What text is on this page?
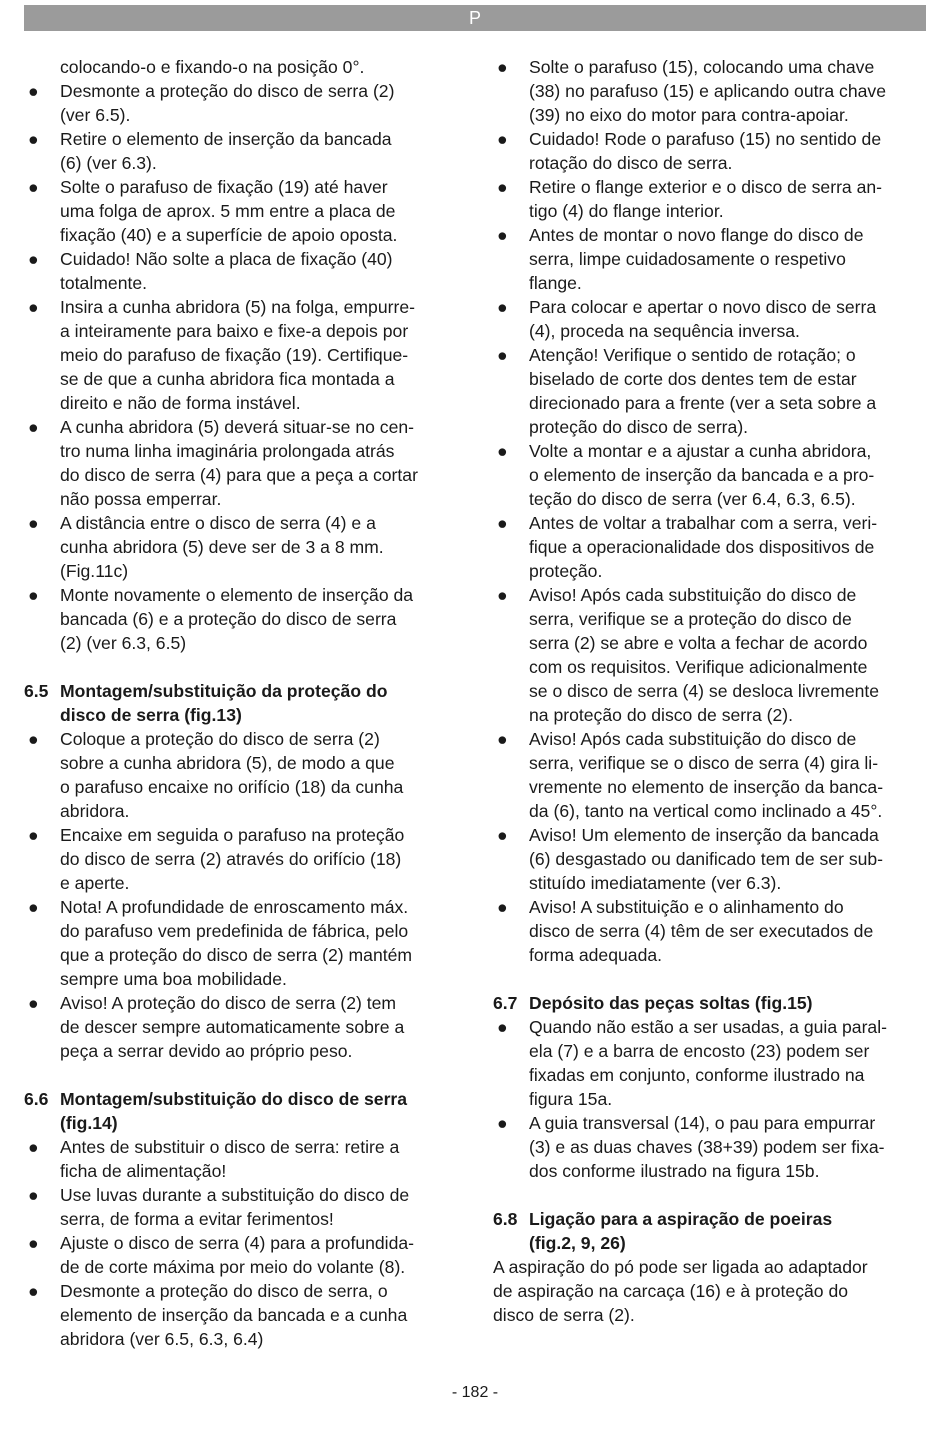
P
colocando-o e fixando-o na posição 0°.
● Desmonte a proteção do disco de serra (2)
(ver 6.5).
● Retire o elemento de inserção da bancada
(6) (ver 6.3).
● Solte o parafuso de fixação (19) até haver
uma folga de aprox. 5 mm entre a placa de
fixação (40) e a superfície de apoio oposta.
● Cuidado! Não solte a placa de fixação (40)
totalmente.
● Insira a cunha abridora (5) na folga, empurre-
a inteiramente para baixo e fixe-a depois por
meio do parafuso de fixação (19). Certifique-
se de que a cunha abridora fica montada a
direito e não de forma instável.
● A cunha abridora (5) deverá situar-se no cen-
tro numa linha imaginária prolongada atrás
do disco de serra (4) para que a peça a cortar
não possa emperrar.
● A distância entre o disco de serra (4) e a
cunha abridora (5) deve ser de 3 a 8 mm.
(Fig.11c)
● Monte novamente o elemento de inserção da
bancada (6) e a proteção do disco de serra
(2) (ver 6.3, 6.5)
6.5 Montagem/substituição da proteção do
disco de serra (fig.13)
● Coloque a proteção do disco de serra (2)
sobre a cunha abridora (5), de modo a que
o parafuso encaixe no orifício (18) da cunha
abridora.
● Encaixe em seguida o parafuso na proteção
do disco de serra (2) através do orifício (18)
e aperte.
● Nota! A profundidade de enroscamento máx.
do parafuso vem predefinida de fábrica, pelo
que a proteção do disco de serra (2) mantém
sempre uma boa mobilidade.
● Aviso! A proteção do disco de serra (2) tem
de descer sempre automaticamente sobre a
peça a serrar devido ao próprio peso.
6.6 Montagem/substituição do disco de serra
(fig.14)
● Antes de substituir o disco de serra: retire a
ficha de alimentação!
● Use luvas durante a substituição do disco de
serra, de forma a evitar ferimentos!
● Ajuste o disco de serra (4) para a profundida-
de de corte máxima por meio do volante (8).
● Desmonte a proteção do disco de serra, o
elemento de inserção da bancada e a cunha
abridora (ver 6.5, 6.3, 6.4)
● Solte o parafuso (15), colocando uma chave
(38) no parafuso (15) e aplicando outra chave
(39) no eixo do motor para contra-apoiar.
● Cuidado! Rode o parafuso (15) no sentido de
rotação do disco de serra.
● Retire o flange exterior e o disco de serra an-
tigo (4) do flange interior.
● Antes de montar o novo flange do disco de
serra, limpe cuidadosamente o respetivo
flange.
● Para colocar e apertar o novo disco de serra
(4), proceda na sequência inversa.
● Atenção! Verifique o sentido de rotação; o
biselado de corte dos dentes tem de estar
direcionado para a frente (ver a seta sobre a
proteção do disco de serra).
● Volte a montar e a ajustar a cunha abridora,
o elemento de inserção da bancada e a pro-
teção do disco de serra (ver 6.4, 6.3, 6.5).
● Antes de voltar a trabalhar com a serra, veri-
fique a operacionalidade dos dispositivos de
proteção.
● Aviso! Após cada substituição do disco de
serra, verifique se a proteção do disco de
serra (2) se abre e volta a fechar de acordo
com os requisitos. Verifique adicionalmente
se o disco de serra (4) se desloca livremente
na proteção do disco de serra (2).
● Aviso! Após cada substituição do disco de
serra, verifique se o disco de serra (4) gira li-
vremente no elemento de inserção da banca-
da (6), tanto na vertical como inclinado a 45°.
● Aviso! Um elemento de inserção da bancada
(6) desgastado ou danificado tem de ser sub-
stituído imediatamente (ver 6.3).
● Aviso! A substituição e o alinhamento do
disco de serra (4) têm de ser executados de
forma adequada.
6.7 Depósito das peças soltas (fig.15)
● Quando não estão a ser usadas, a guia paral-
ela (7) e a barra de encosto (23) podem ser
fixadas em conjunto, conforme ilustrado na
figura 15a.
● A guia transversal (14), o pau para empurrar
(3) e as duas chaves (38+39) podem ser fixa-
dos conforme ilustrado na figura 15b.
6.8 Ligação para a aspiração de poeiras
(fig.2, 9, 26)
A aspiração do pó pode ser ligada ao adaptador
de aspiração na carcaça (16) e à proteção do
disco de serra (2).
- 182 -
